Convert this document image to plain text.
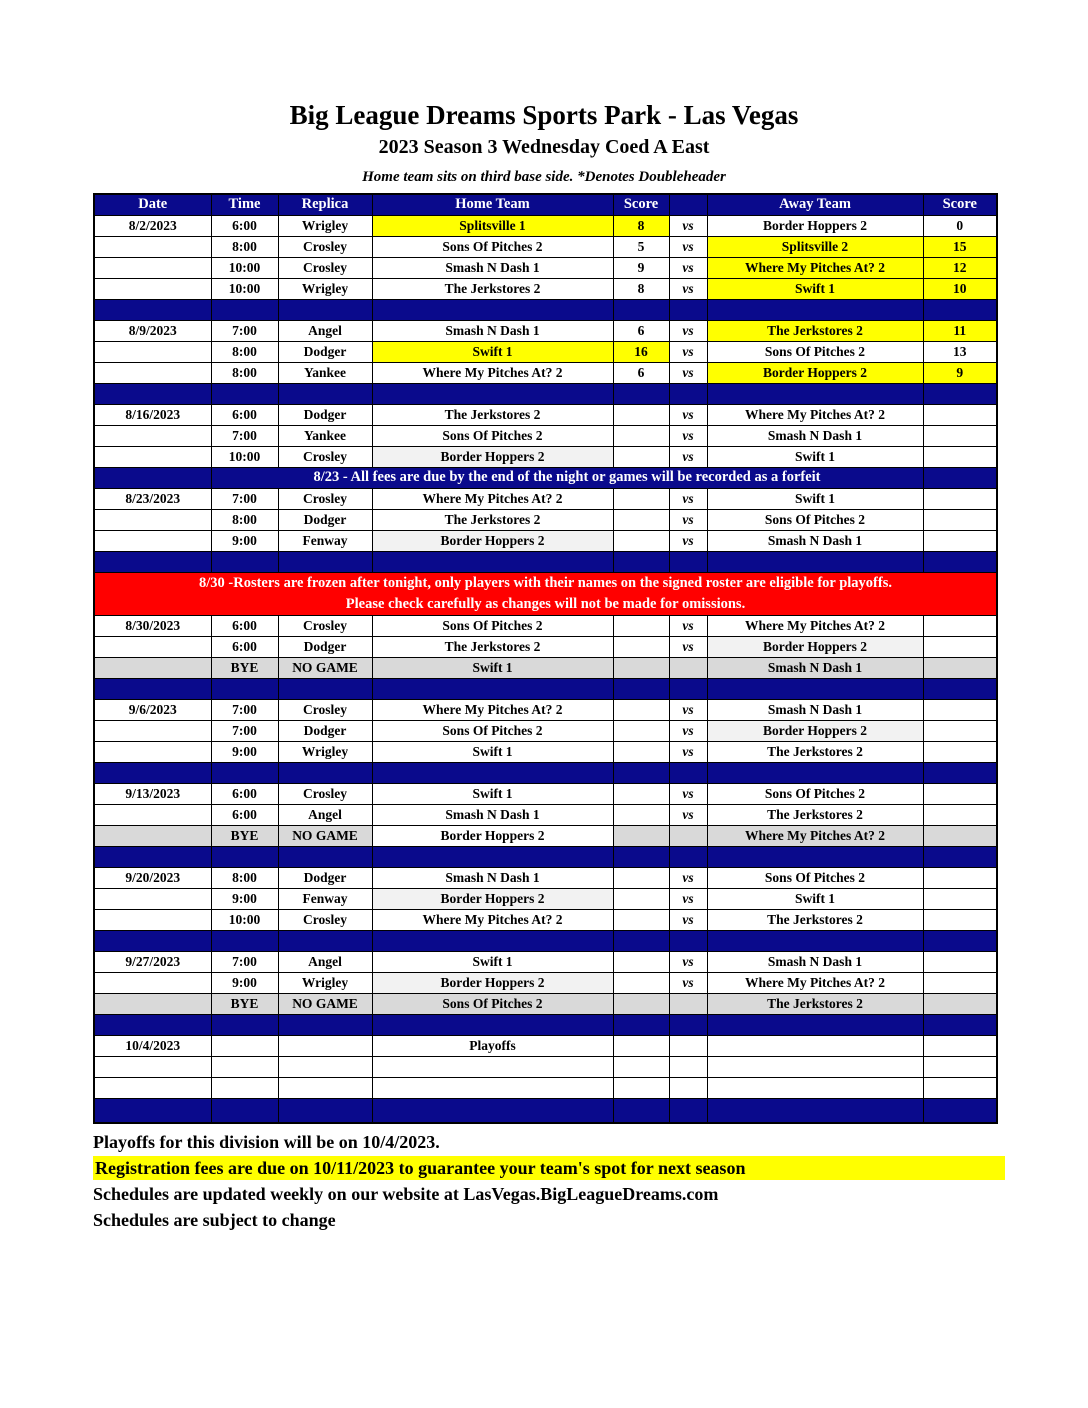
Big League Dreams Sports Park - Las Vegas
2023 Season 3 Wednesday Coed A East
Home team sits on third base side. *Denotes Doubleheader
Date	Time	Replica	Home Team	Score		Away Team	Score
8/2/2023	6:00	Wrigley	Splitsville 1	8	vs	Border Hoppers 2	0
	8:00	Crosley	Sons Of Pitches 2	5	vs	Splitsville 2	15
	10:00	Crosley	Smash N Dash 1	9	vs	Where My Pitches At? 2	12
	10:00	Wrigley	The Jerkstores 2	8	vs	Swift 1	10

8/9/2023	7:00	Angel	Smash N Dash 1	6	vs	The Jerkstores 2	11
	8:00	Dodger	Swift 1	16	vs	Sons Of Pitches 2	13
	8:00	Yankee	Where My Pitches At? 2	6	vs	Border Hoppers 2	9

8/16/2023	6:00	Dodger	The Jerkstores 2		vs	Where My Pitches At? 2	
	7:00	Yankee	Sons Of Pitches 2		vs	Smash N Dash 1	
	10:00	Crosley	Border Hoppers 2		vs	Swift 1	
	8/23 - All fees are due by the end of the night or games will be recorded as a forfeit						
8/23/2023	7:00	Crosley	Where My Pitches At? 2		vs	Swift 1	
	8:00	Dodger	The Jerkstores 2		vs	Sons Of Pitches 2	
	9:00	Fenway	Border Hoppers 2		vs	Smash N Dash 1	

8/30 -Rosters are frozen after tonight, only players with their names on the signed roster are eligible for playoffs.
Please check carefully as changes will not be made for omissions.							

8/30/2023	6:00	Crosley	Sons Of Pitches 2		vs	Where My Pitches At? 2	
	6:00	Dodger	The Jerkstores 2		vs	Border Hoppers 2	
	BYE	NO GAME	Swift 1			Smash N Dash 1	

9/6/2023	7:00	Crosley	Where My Pitches At? 2		vs	Smash N Dash 1	
	7:00	Dodger	Sons Of Pitches 2		vs	Border Hoppers 2	
	9:00	Wrigley	Swift 1		vs	The Jerkstores 2	

9/13/2023	6:00	Crosley	Swift 1		vs	Sons Of Pitches 2	
	6:00	Angel	Smash N Dash 1		vs	The Jerkstores 2	
	BYE	NO GAME	Border Hoppers 2			Where My Pitches At? 2	

9/20/2023	8:00	Dodger	Smash N Dash 1		vs	Sons Of Pitches 2	
	9:00	Fenway	Border Hoppers 2		vs	Swift 1	
	10:00	Crosley	Where My Pitches At? 2		vs	The Jerkstores 2	

9/27/2023	7:00	Angel	Swift 1		vs	Smash N Dash 1	
	9:00	Wrigley	Border Hoppers 2		vs	Where My Pitches At? 2	
	BYE	NO GAME	Sons Of Pitches 2			The Jerkstores 2	

10/4/2023			Playoffs				

Playoffs for this division will be on 10/4/2023.
Registration fees are due on 10/11/2023 to guarantee your team's spot for next season
Schedules are updated weekly on our website at LasVegas.BigLeagueDreams.com
Schedules are subject to change
